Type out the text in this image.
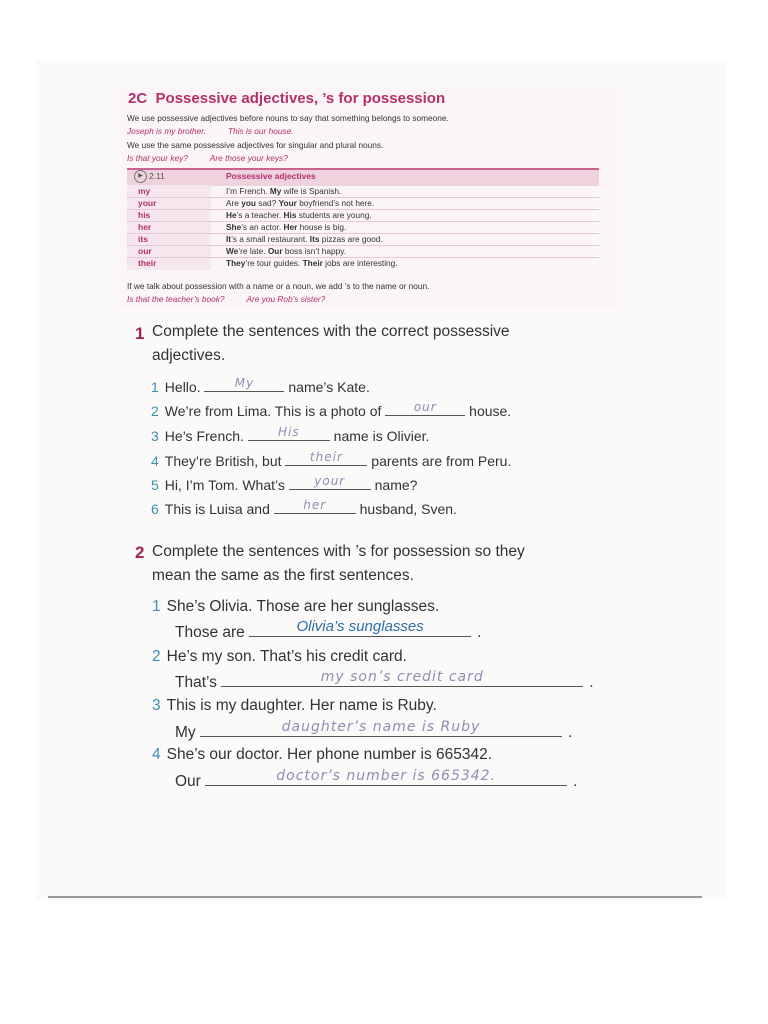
2C Possessive adjectives, ’s for possession
We use possessive adjectives before nouns to say that something belongs to someone.
Joseph is my brother.	This is our house.
We use the same possessive adjectives for singular and plural nouns.
Is that your key?	Are those your keys?
▶ 2.11	Possessive adjectives
my	I’m French. My wife is Spanish.
your	Are you sad? Your boyfriend’s not here.
his	He’s a teacher. His students are young.
her	She’s an actor. Her house is big.
its	It’s a small restaurant. Its pizzas are good.
our	We’re late. Our boss isn’t happy.
their	They’re tour guides. Their jobs are interesting.
If we talk about possession with a name or a noun, we add ’s to the name or noun.
Is that the teacher’s book?	Are you Rob’s sister?
1 Complete the sentences with the correct possessive
adjectives.
1 Hello.	My	name’s Kate.
2 We’re from Lima. This is a photo of	our	house.
3 He’s French.	His	name is Olivier.
4 They’re British, but	their	parents are from Peru.
5 Hi, I’m Tom. What’s	your	name?
6 This is Luisa and	her	husband, Sven.
2 Complete the sentences with ’s for possession so they
mean the same as the first sentences.
1 She’s Olivia. Those are her sunglasses.
Those are	Olivia’s sunglasses	.
2 He’s my son. That’s his credit card.
That’s	my son’s credit card	.
3 This is my daughter. Her name is Ruby.
My	daughter’s name is Ruby	.
4 She’s our doctor. Her phone number is 665342.
Our	doctor’s number is 665342.	.
